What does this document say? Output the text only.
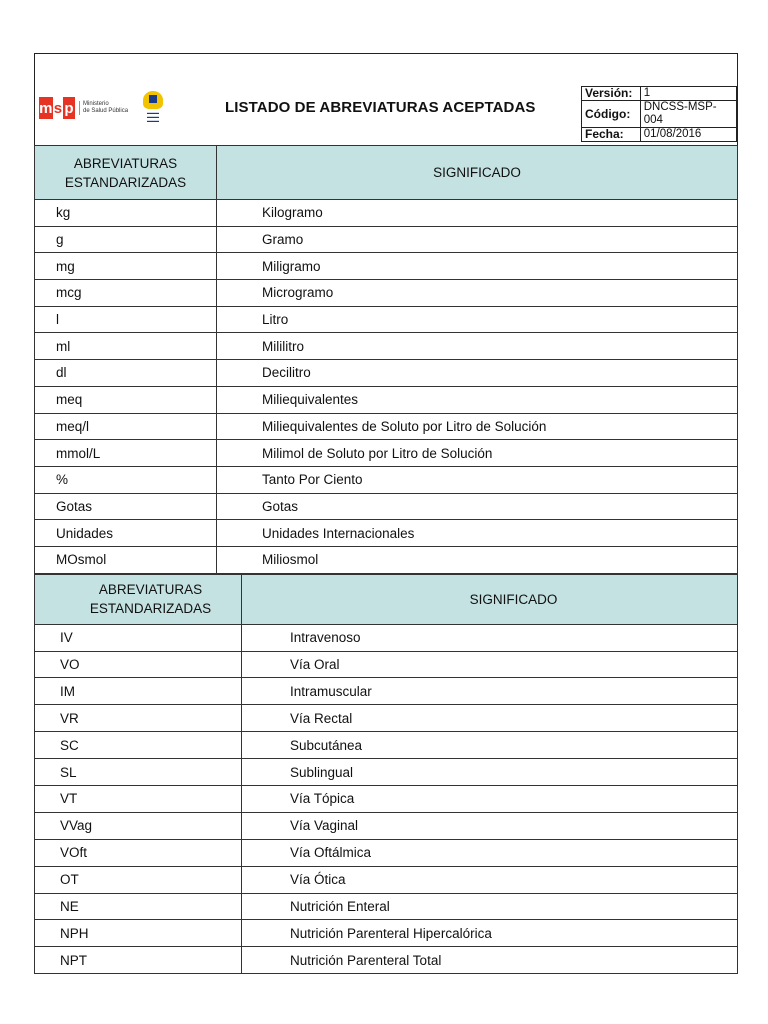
m s p Ministerio
de Salud Pública	▬▬▬
▬▬▬
▬▬▬
LISTADO DE ABREVIATURAS ACEPTADAS
Versión:	1
Código:	DNCSS-MSP-004
Fecha:	01/08/2016
ABREVIATURAS ESTANDARIZADAS	SIGNIFICADO
kg	Kilogramo
g	Gramo
mg	Miligramo
mcg	Microgramo
l	Litro
ml	Mililitro
dl	Decilitro
meq	Miliequivalentes
meq/l	Miliequivalentes de Soluto por Litro de Solución
mmol/L	Milimol de Soluto por Litro de Solución
%	Tanto Por Ciento
Gotas	Gotas
Unidades	Unidades Internacionales
MOsmol	Miliosmol
ABREVIATURAS ESTANDARIZADAS	SIGNIFICADO
IV	Intravenoso
VO	Vía Oral
IM	Intramuscular
VR	Vía Rectal
SC	Subcutánea
SL	Sublingual
VT	Vía Tópica
VVag	Vía Vaginal
VOft	Vía Oftálmica
OT	Vía Ótica
NE	Nutrición Enteral
NPH	Nutrición Parenteral Hipercalórica
NPT	Nutrición Parenteral Total
